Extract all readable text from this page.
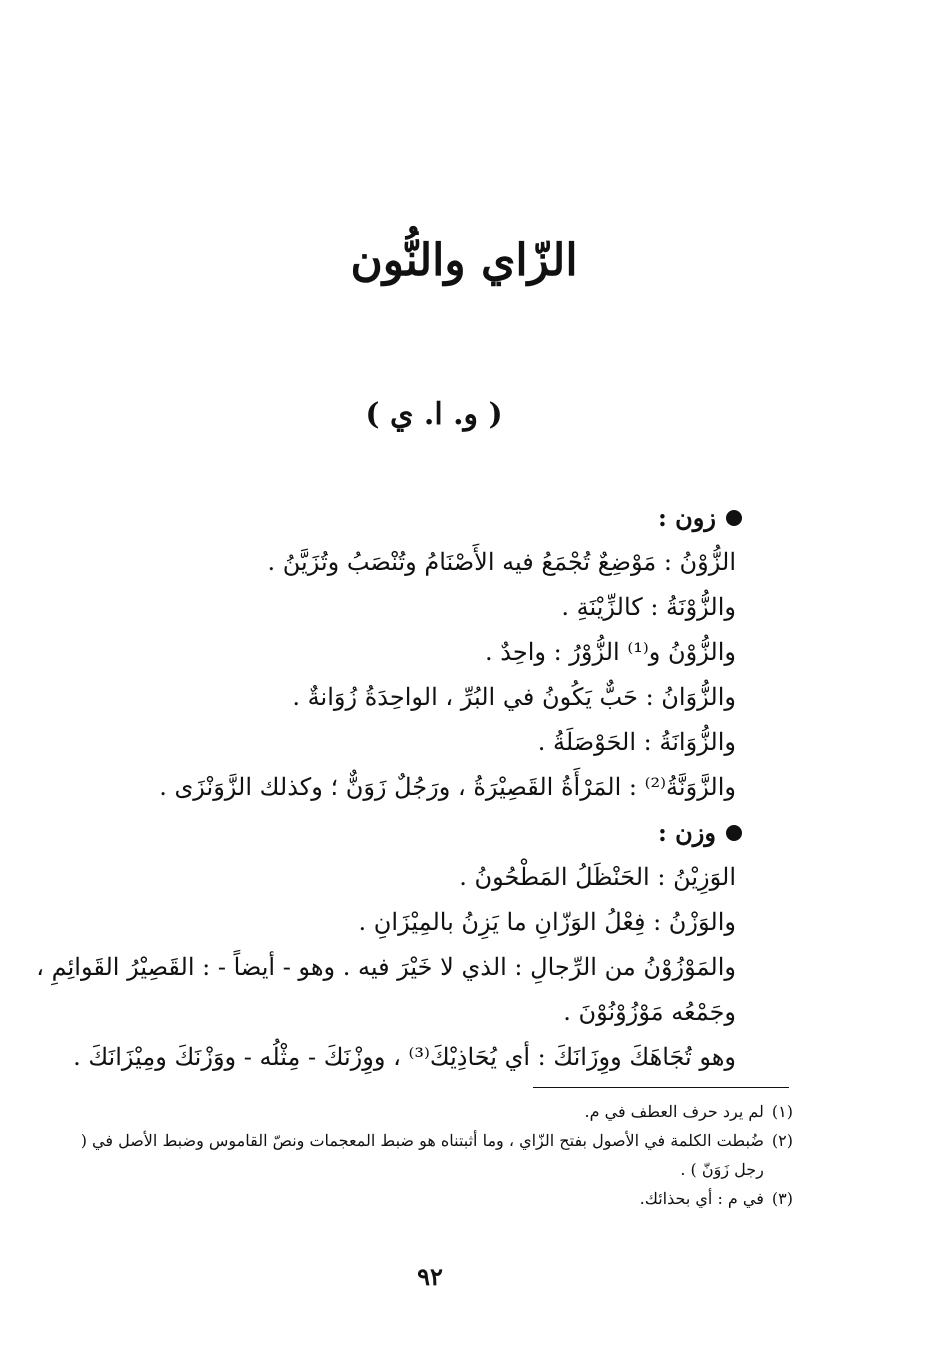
الزّاي والنُّون
( و. ا. ي )
زون :
الزُّوْنُ : مَوْضِعٌ تُجْمَعُ فيه الأَصْنَامُ وتُنْصَبُ وتُزَيَّنُ .
والزُّوْنَةُ : كالزِّيْنَةِ .
والزُّوْنُ و⁽¹⁾ الزُّوْرُ : واحِدٌ .
والزُّوَانُ : حَبٌّ يَكُونُ في البُرِّ ، الواحِدَةُ زُوَانةٌ .
والزُّوَانَةُ : الحَوْصَلَةُ .
والزَّوَنَّةُ⁽²⁾ : المَرْأَةُ القَصِيْرَةُ ، ورَجُلٌ زَوَنٌّ ؛ وكذلك الزَّوَنْزَى .
وزن :
الوَزِيْنُ : الحَنْظَلُ المَطْحُونُ .
والوَزْنُ : فِعْلُ الوَزّانِ ما يَزِنُ بالمِيْزَانِ .
والمَوْزُوْنُ من الرِّجالِ : الذي لا خَيْرَ فيه . وهو - أيضاً - : القَصِيْرُ القَوائِمِ ،
وجَمْعُه مَوْزُوْنُوْنَ .
وهو تُجَاهَكَ ووِزَانَكَ : أي يُحَاذِيْكَ⁽³⁾ ، ووِزْنَكَ - مِثْلُه - ووَزْنَكَ ومِيْزَانَكَ .
(١)
لم يرد حرف العطف في م.
(٢)
ضُبطت الكلمة في الأصول بفتح الزّاي ، وما أثبتناه هو ضبط المعجمات ونصّ القاموس وضبط الأصل في ( رجل زَوَنّ ) .
(٣)
في م : أي بحذائك.
٩٢
